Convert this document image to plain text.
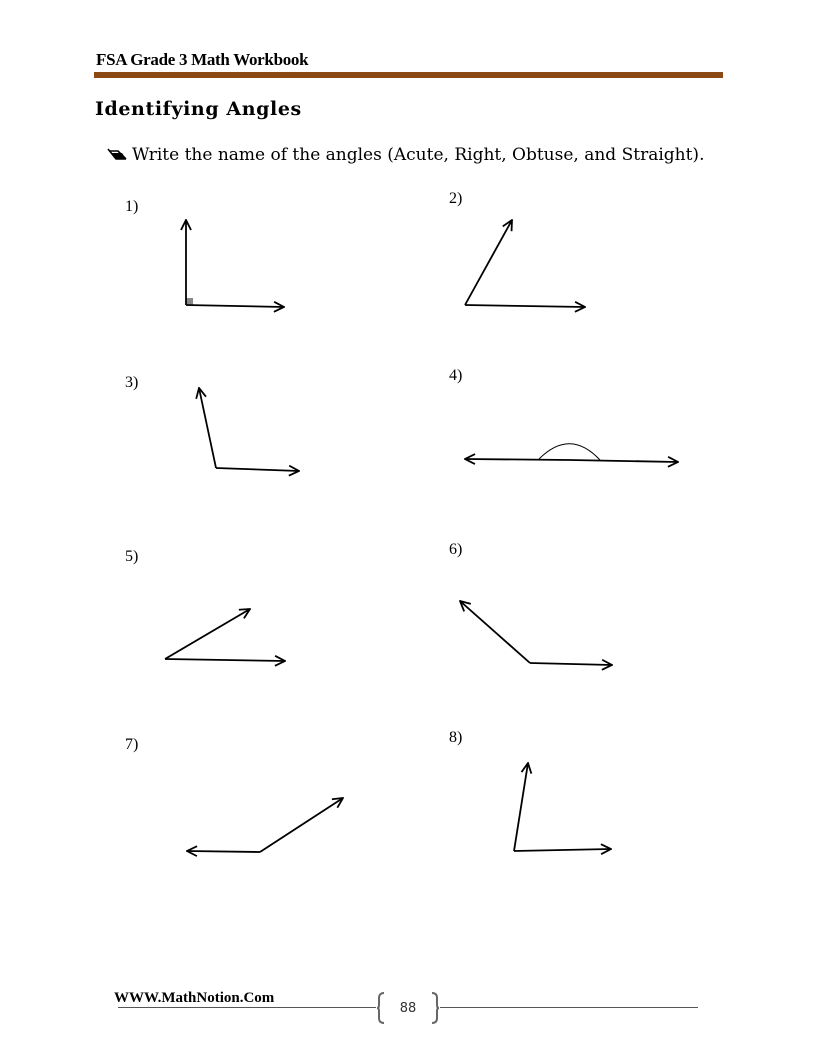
FSA Grade 3 Math Workbook
Identifying Angles
Write the name of the angles (Acute, Right, Obtuse, and Straight).
1)	2)
3)	4)
5)	6)
7)	8)
WWW.MathNotion.Com
88
